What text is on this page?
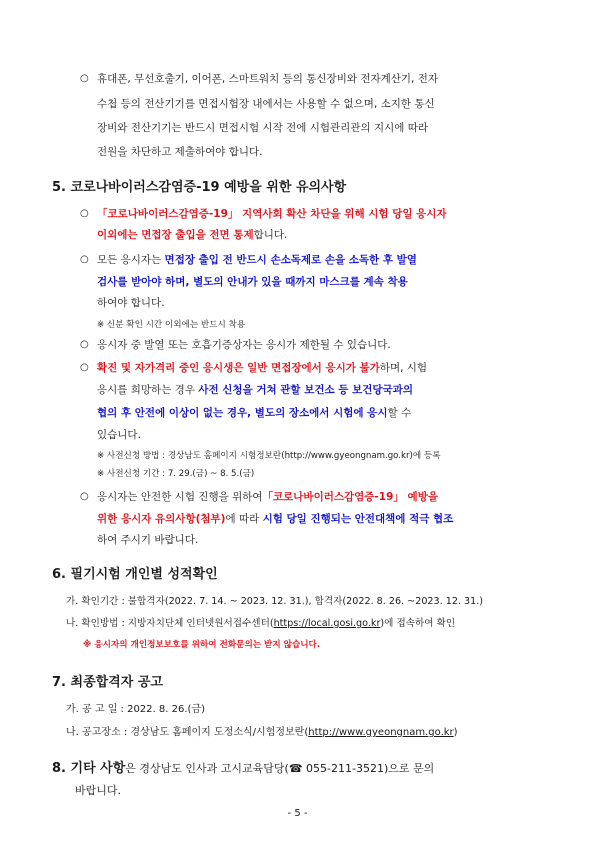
○ 휴대폰, 무선호출기, 이어폰, 스마트워치 등의 통신장비와 전자계산기, 전자
수첩 등의 전산기기를 면접시험장 내에서는 사용할 수 없으며, 소지한 통신
장비와 전산기기는 반드시 면접시험 시작 전에 시험관리관의 지시에 따라
전원을 차단하고 제출하여야 합니다.
5. 코로나바이러스감염증-19 예방을 위한 유의사항
○ 「코로나바이러스감염증-19」 지역사회 확산 차단을 위해 시험 당일 응시자
이외에는 면접장 출입을 전면 통제합니다.
○ 모든 응시자는 면접장 출입 전 반드시 손소독제로 손을 소독한 후 발열
검사를 받아야 하며, 별도의 안내가 있을 때까지 마스크를 계속 착용
하여야 합니다.
※ 신분 확인 시간 이외에는 반드시 착용
○ 응시자 중 발열 또는 호흡기증상자는 응시가 제한될 수 있습니다.
○ 확진 및 자가격리 중인 응시생은 일반 면접장에서 응시가 불가하며, 시험
응시를 희망하는 경우 사전 신청을 거쳐 관할 보건소 등 보건당국과의
협의 후 안전에 이상이 없는 경우, 별도의 장소에서 시험에 응시할 수
있습니다.
※ 사전신청 방법 : 경상남도 홈페이지 시험정보란(http://www.gyeongnam.go.kr)에 등록
※ 사전신청 기간 : 7. 29.(금) ~ 8. 5.(금)
○ 응시자는 안전한 시험 진행을 위하여「코로나바이러스감염증-19」 예방을
위한 응시자 유의사항(첨부)에 따라 시험 당일 진행되는 안전대책에 적극 협조
하여 주시기 바랍니다.
6. 필기시험 개인별 성적확인
가. 확인기간 : 불합격자(2022. 7. 14. ~ 2023. 12. 31.), 합격자(2022. 8. 26. ~2023. 12. 31.)
나. 확인방법 : 지방자치단체 인터넷원서접수센터(https://local.gosi.go.kr)에 접속하여 확인
※ 응시자의 개인정보보호를 위하여 전화문의는 받지 않습니다.
7. 최종합격자 공고
가. 공 고 일 : 2022. 8. 26.(금)
나. 공고장소 : 경상남도 홈페이지 도정소식/시험정보란(http://www.gyeongnam.go.kr)
8. 기타 사항은 경상남도 인사과 고시교육담당(☎ 055-211-3521)으로 문의
바랍니다.
- 5 -
